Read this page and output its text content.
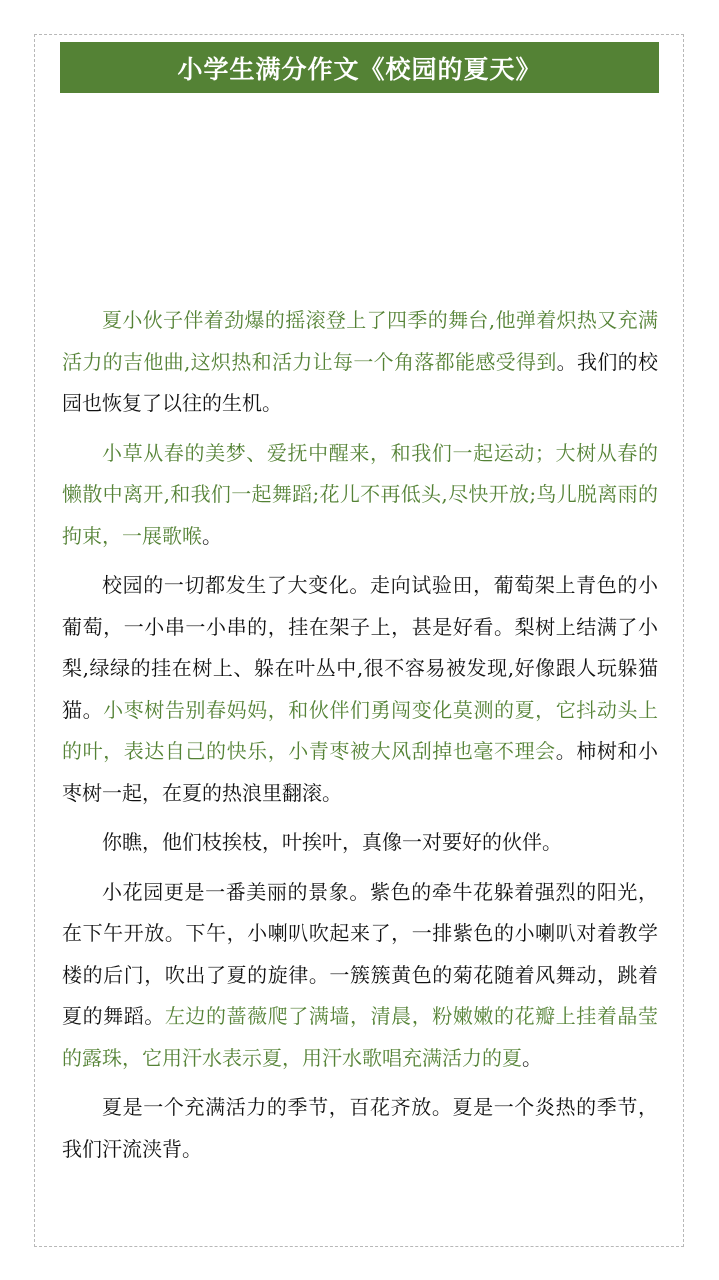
小学生满分作文《校园的夏天》

夏小伙子伴着劲爆的摇滚登上了四季的舞台,他弹着炽热又充满活力的吉他曲,这炽热和活力让每一个角落都能感受得到。我们的校园也恢复了以往的生机。

小草从春的美梦、爱抚中醒来，和我们一起运动；大树从春的懒散中离开,和我们一起舞蹈;花儿不再低头,尽快开放;鸟儿脱离雨的拘束，一展歌喉。

校园的一切都发生了大变化。走向试验田，葡萄架上青色的小葡萄，一小串一小串的，挂在架子上，甚是好看。梨树上结满了小梨,绿绿的挂在树上、躲在叶丛中,很不容易被发现,好像跟人玩躲猫猫。小枣树告别春妈妈，和伙伴们勇闯变化莫测的夏，它抖动头上的叶，表达自己的快乐，小青枣被大风刮掉也毫不理会。柿树和小枣树一起，在夏的热浪里翻滚。

你瞧，他们枝挨枝，叶挨叶，真像一对要好的伙伴。

小花园更是一番美丽的景象。紫色的牵牛花躲着强烈的阳光，在下午开放。下午，小喇叭吹起来了，一排紫色的小喇叭对着教学楼的后门，吹出了夏的旋律。一簇簇黄色的菊花随着风舞动，跳着夏的舞蹈。左边的蔷薇爬了满墙，清晨，粉嫩嫩的花瓣上挂着晶莹的露珠，它用汗水表示夏，用汗水歌唱充满活力的夏。

夏是一个充满活力的季节，百花齐放。夏是一个炎热的季节，我们汗流浃背。
